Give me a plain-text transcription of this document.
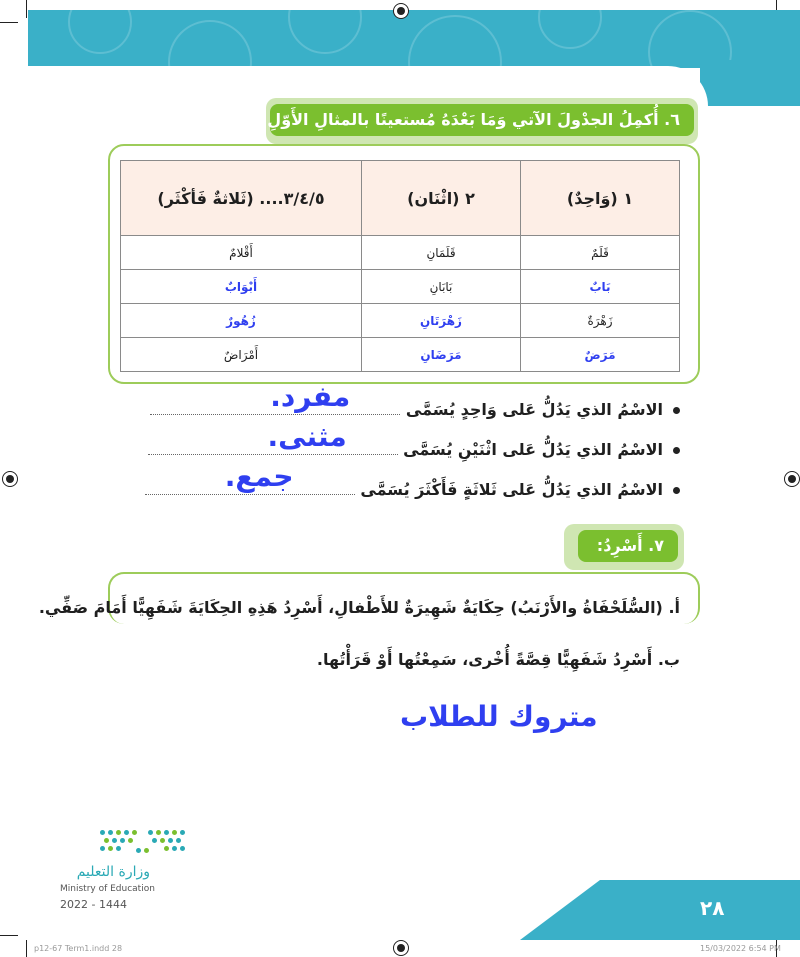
٦. أُكمِلُ الجدْولَ الآتي وَمَا بَعْدَهُ مُستعينًا بالمثالِ الأَوّلِ:
١ (وَاحِدٌ)	٢ (اثْنَان)	٣/٤/٥.... (ثَلاثةٌ فَأكْثَر)
قَلَمٌ	قَلَمَانِ	أَقْلامٌ
بَابٌ	بَابَانِ	أَبْوَابٌ
زَهْرَةٌ	زَهْرَتَانِ	زُهُورٌ
مَرَضٌ	مَرَضَانِ	أَمْرَاضٌ
الاسْمُ الذي يَدُلُّ عَلى وَاحِدٍ يُسَمَّى
مفرد.
الاسْمُ الذي يَدُلُّ عَلى اثْنَيْنِ يُسَمَّى
مثنى.
الاسْمُ الذي يَدُلُّ عَلى ثَلاثَةٍ فَأَكْثَرَ يُسَمَّى
جمع.
٧. أَسْرِدُ:
أ. (السُّلَحْفَاةُ والأَرْنَبُ) حِكَايَةٌ شَهِيرَةٌ للأَطْفالِ، أَسْرِدُ هَذِهِ الحِكَايَةَ شَفَهِيًّا أَمَامَ صَفِّي.
ب. أَسْرِدُ شَفَهِيًّا قِصَّةً أُخْرى، سَمِعْتُها أَوْ قَرَأْتُها.
متروك للطلاب
٢٨
وزارة التعليم
Ministry of Education
2022 - 1444
p12-67 Term1.indd 28	15/03/2022 6:54 PM
